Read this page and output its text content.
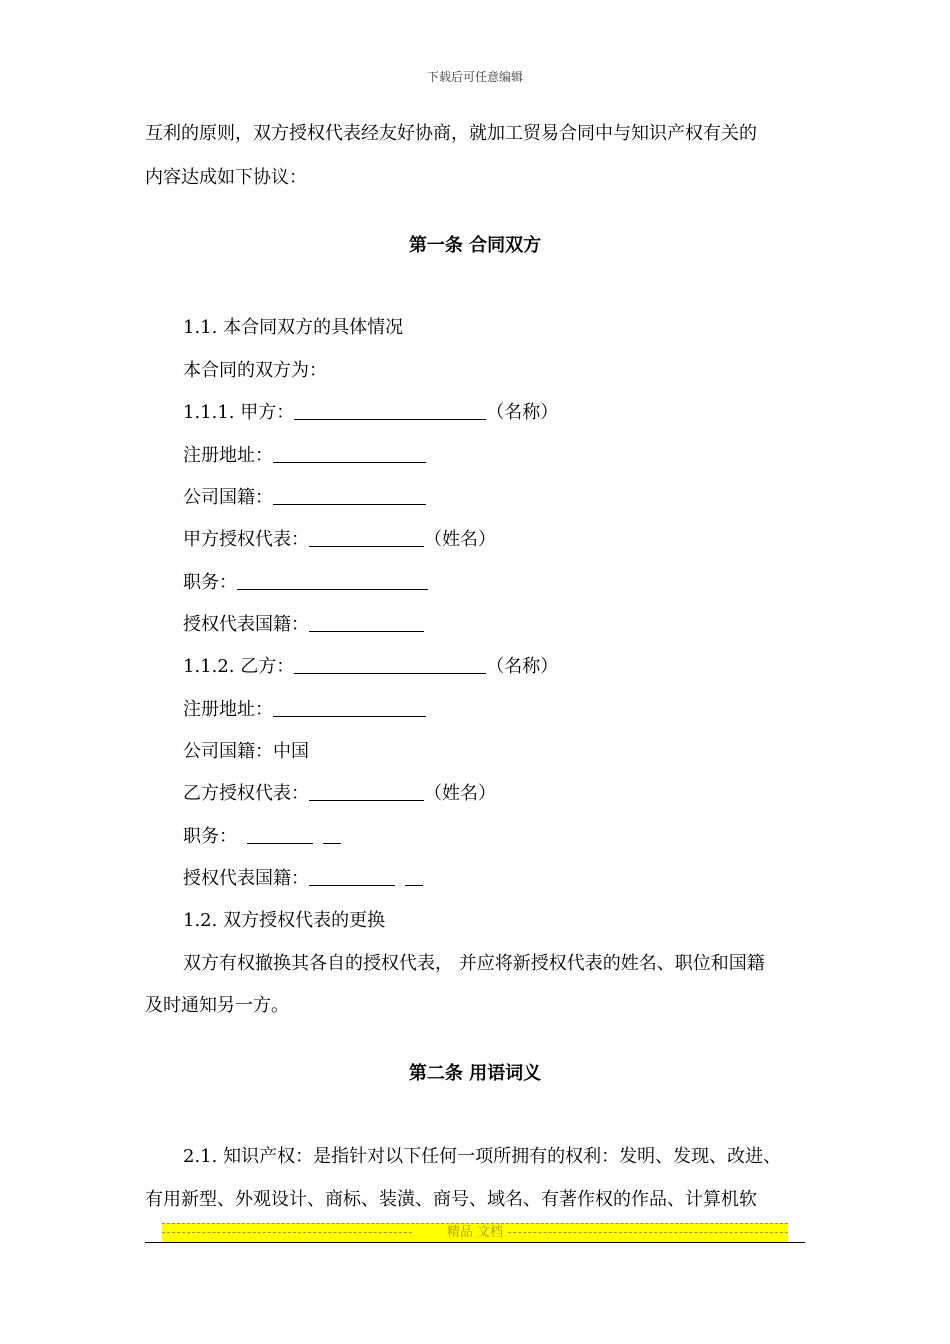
下载后可任意编辑
互利的原则，双方授权代表经友好协商，就加工贸易合同中与知识产权有关的
内容达成如下协议：
第一条 合同双方
1.1. 本合同双方的具体情况
本合同的双方为：
1.1.1. 甲方：	（名称）
注册地址：
公司国籍：
甲方授权代表：	（姓名）
职务：
授权代表国籍：
1.1.2. 乙方：	（名称）
注册地址：
公司国籍：中国
乙方授权代表：	（姓名）
职务：
授权代表国籍：
1.2. 双方授权代表的更换
双方有权撤换其各自的授权代表， 并应将新授权代表的姓名、职位和国籍
及时通知另一方。
第二条 用语词义
2.1. 知识产权：是指针对以下任何一项所拥有的权利：发明、发现、改进、
有用新型、外观设计、商标、装潢、商号、域名、有著作权的作品、计算机软
精品 文档
